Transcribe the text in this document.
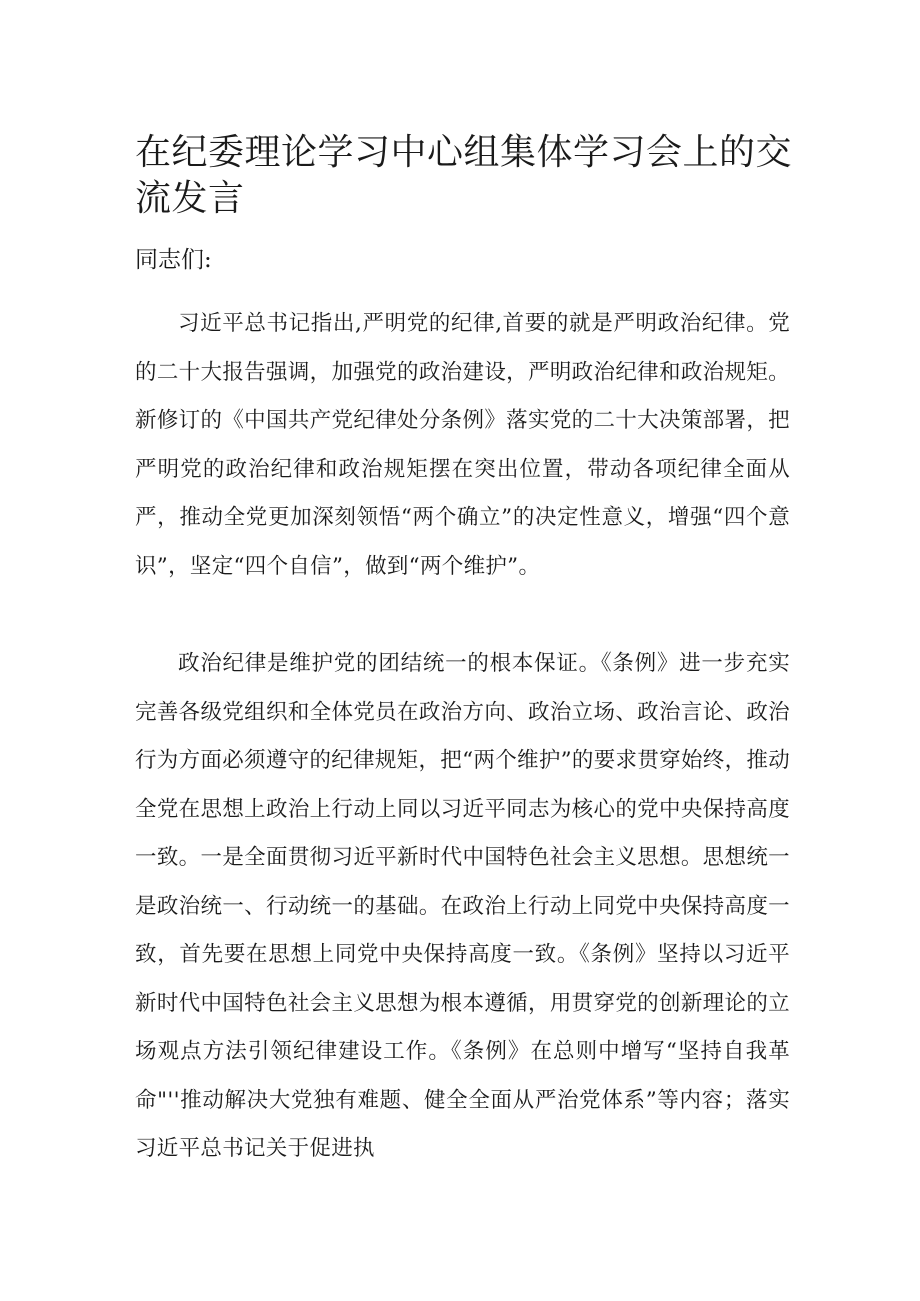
在纪委理论学习中心组集体学习会上的交流发言

同志们:

习近平总书记指出,严明党的纪律,首要的就是严明政治纪律。党的二十大报告强调，加强党的政治建设，严明政治纪律和政治规矩。新修订的《中国共产党纪律处分条例》落实党的二十大决策部署，把严明党的政治纪律和政治规矩摆在突出位置，带动各项纪律全面从严，推动全党更加深刻领悟“两个确立”的决定性意义，增强“四个意识”，坚定“四个自信”，做到“两个维护”。

政治纪律是维护党的团结统一的根本保证。《条例》进一步充实完善各级党组织和全体党员在政治方向、政治立场、政治言论、政治行为方面必须遵守的纪律规矩，把“两个维护”的要求贯穿始终，推动全党在思想上政治上行动上同以习近平同志为核心的党中央保持高度一致。一是全面贯彻习近平新时代中国特色社会主义思想。思想统一是政治统一、行动统一的基础。在政治上行动上同党中央保持高度一致，首先要在思想上同党中央保持高度一致。《条例》坚持以习近平新时代中国特色社会主义思想为根本遵循，用贯穿党的创新理论的立场观点方法引领纪律建设工作。《条例》在总则中增写“坚持自我革命"''推动解决大党独有难题、健全全面从严治党体系”等内容；落实习近平总书记关于促进执
